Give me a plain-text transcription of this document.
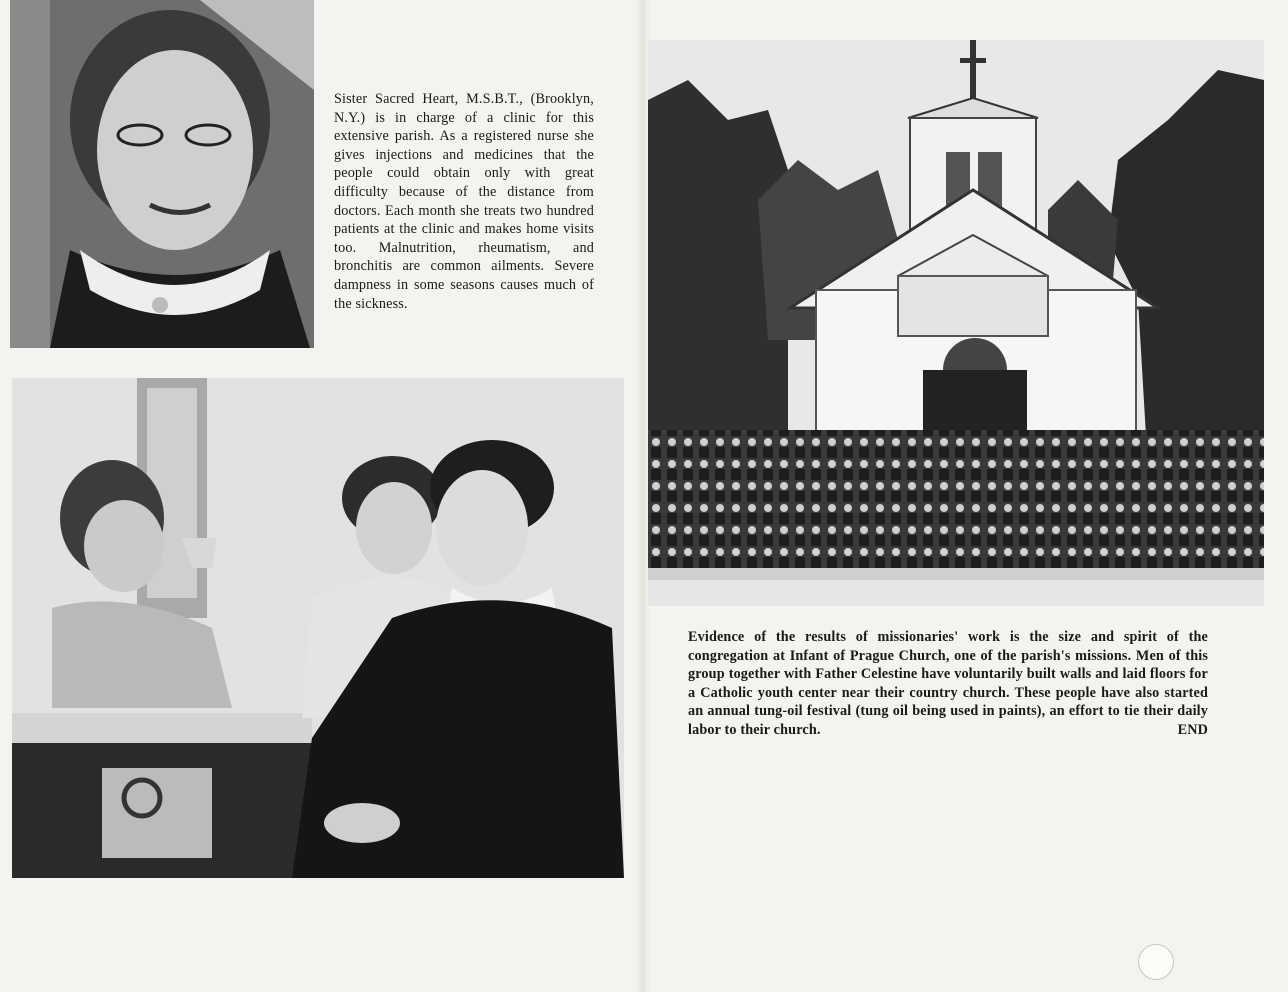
Sister Sacred Heart, M.S.B.T., (Brooklyn, N.Y.) is in charge of a clinic for this extensive parish. As a registered nurse she gives injections and medicines that the people could obtain only with great difficulty because of the distance from doctors. Each month she treats two hundred patients at the clinic and makes home visits too. Malnutrition, rheumatism, and bronchitis are common ailments. Severe dampness in some seasons causes much of the sickness.

Evidence of the results of missionaries' work is the size and spirit of the congregation at Infant of Prague Church, one of the parish's missions. Men of this group together with Father Celestine have voluntarily built walls and laid floors for a Catholic youth center near their country church. These people have also started an annual tung-oil festival (tung oil being used in paints), an effort to tie their daily labor to their church.	END
